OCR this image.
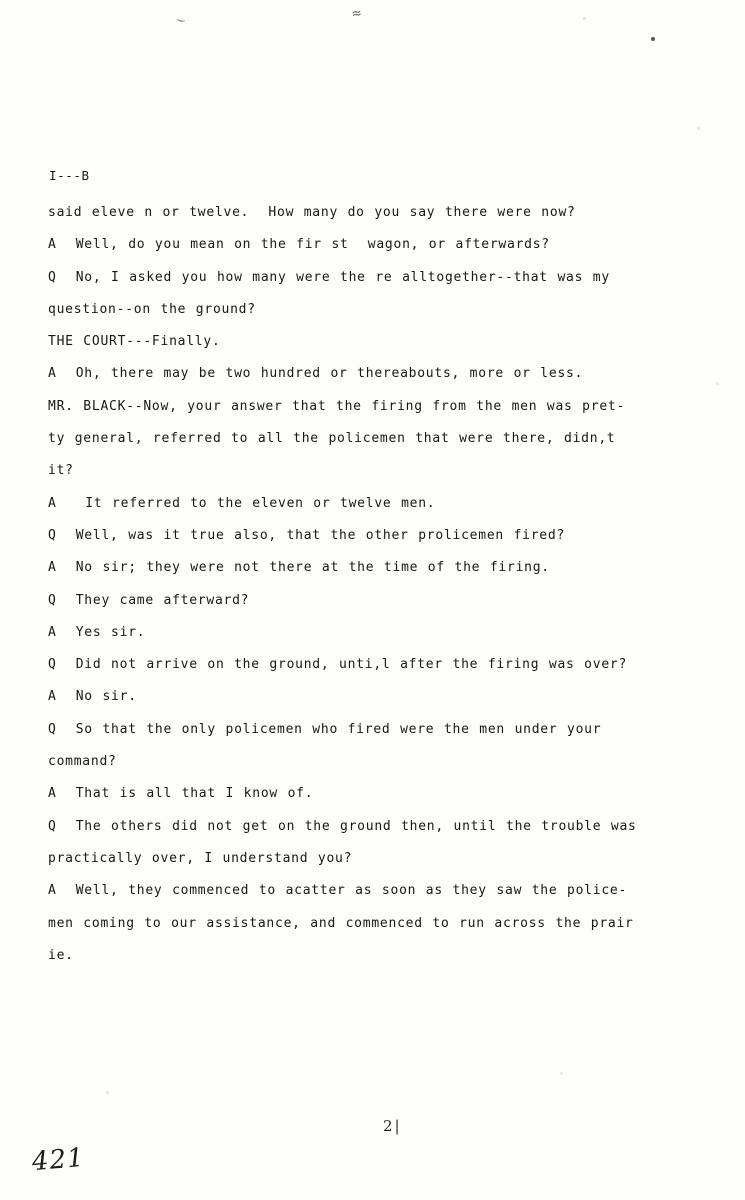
⌣	≈
I---B

said eleve n or twelve.  How many do you say there were now?

A  Well, do you mean on the fir st  wagon, or afterwards?

Q  No, I asked you how many were the re alltogether--that was my

question--on the ground?

THE COURT---Finally.

A  Oh, there may be two hundred or thereabouts, more or less.

MR. BLACK--Now, your answer that the firing from the men was pret-

ty general, referred to all the policemen that were there, didn,t

it?

A   It referred to the eleven or twelve men.

Q  Well, was it true also, that the other prolicemen fired?

A  No sir; they were not there at the time of the firing.

Q  They came afterward?

A  Yes sir.

Q  Did not arrive on the ground, unti,l after the firing was over?

A  No sir.

Q  So that the only policemen who fired were the men under your

command?

A  That is all that I know of.

Q  The others did not get on the ground then, until the trouble was

practically over, I understand you?

A  Well, they commenced to acatter as soon as they saw the police-

men coming to our assistance, and commenced to run across the prair

ie.

2|
421
